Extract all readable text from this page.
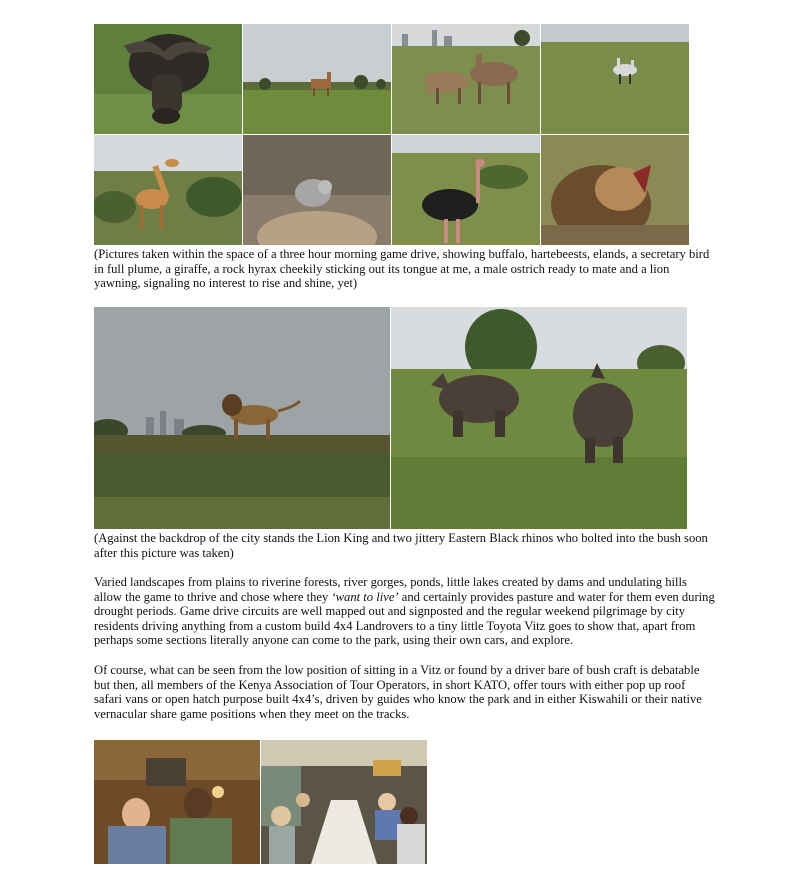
(Pictures taken within the space of a three hour morning game drive, showing buffalo, hartebeests, elands, a secretary bird in full plume, a giraffe, a rock hyrax cheekily sticking out its tongue at me, a male ostrich ready to mate and a lion yawning, signaling no interest to rise and shine, yet)

(Against the backdrop of the city stands the Lion King and two jittery Eastern Black rhinos who bolted into the bush soon after this picture was taken)

Varied landscapes from plains to riverine forests, river gorges, ponds, little lakes created by dams and undulating hills allow the game to thrive and chose where they ‘want to live’ and certainly provides pasture and water for them even during drought periods. Game drive circuits are well mapped out and signposted and the regular weekend pilgrimage by city residents driving anything from a custom build 4x4 Landrovers to a tiny little Toyota Vitz goes to show that, apart from perhaps some sections literally anyone can come to the park, using their own cars, and explore.

Of course, what can be seen from the low position of sitting in a Vitz or found by a driver bare of bush craft is debatable but then, all members of the Kenya Association of Tour Operators, in short KATO, offer tours with either pop up roof safari vans or open hatch purpose built 4x4’s, driven by guides who know the park and in either Kiswahili or their native vernacular share game positions when they meet on the tracks.
